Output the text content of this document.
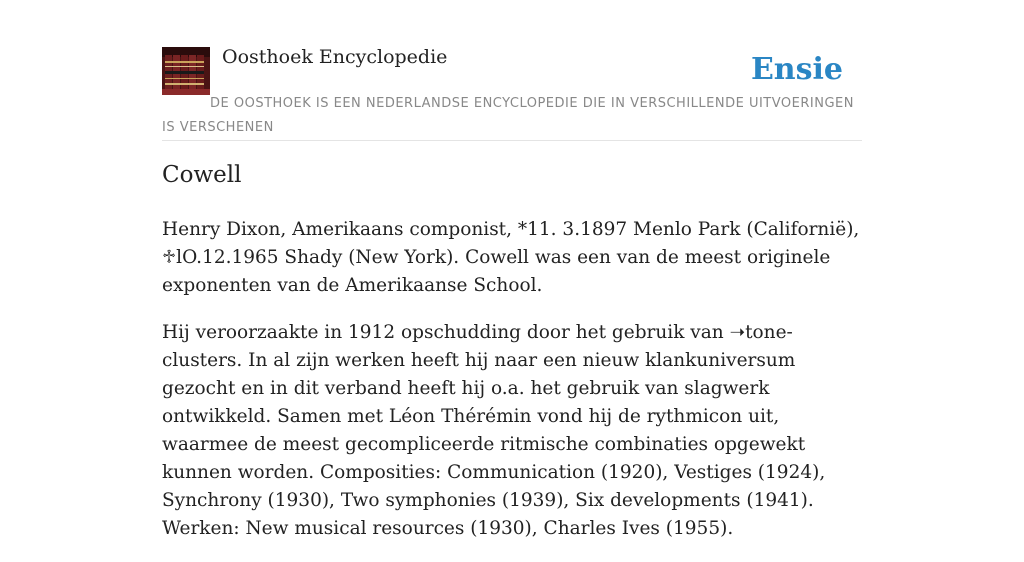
Oosthoek Encyclopedie	Ensie
DE OOSTHOEK IS EEN NEDERLANDSE ENCYCLOPEDIE DIE IN VERSCHILLENDE UITVOERINGEN IS VERSCHENEN
Cowell

Henry Dixon, Amerikaans componist, *11. 3.1897 Menlo Park (Californië), ♱lO.12.1965 Shady (New York). Cowell was een van de meest originele exponenten van de Amerikaanse School.

Hij veroorzaakte in 1912 opschudding door het gebruik van ➝tone-clusters. In al zijn werken heeft hij naar een nieuw klankuniversum gezocht en in dit verband heeft hij o.a. het gebruik van slagwerk ontwikkeld. Samen met Léon Thérémin vond hij de rythmicon uit, waarmee de meest gecompliceerde ritmische combinaties opgewekt kunnen worden. Composities: Communication (1920), Vestiges (1924), Synchrony (1930), Two symphonies (1939), Six developments (1941). Werken: New musical resources (1930), Charles Ives (1955).
